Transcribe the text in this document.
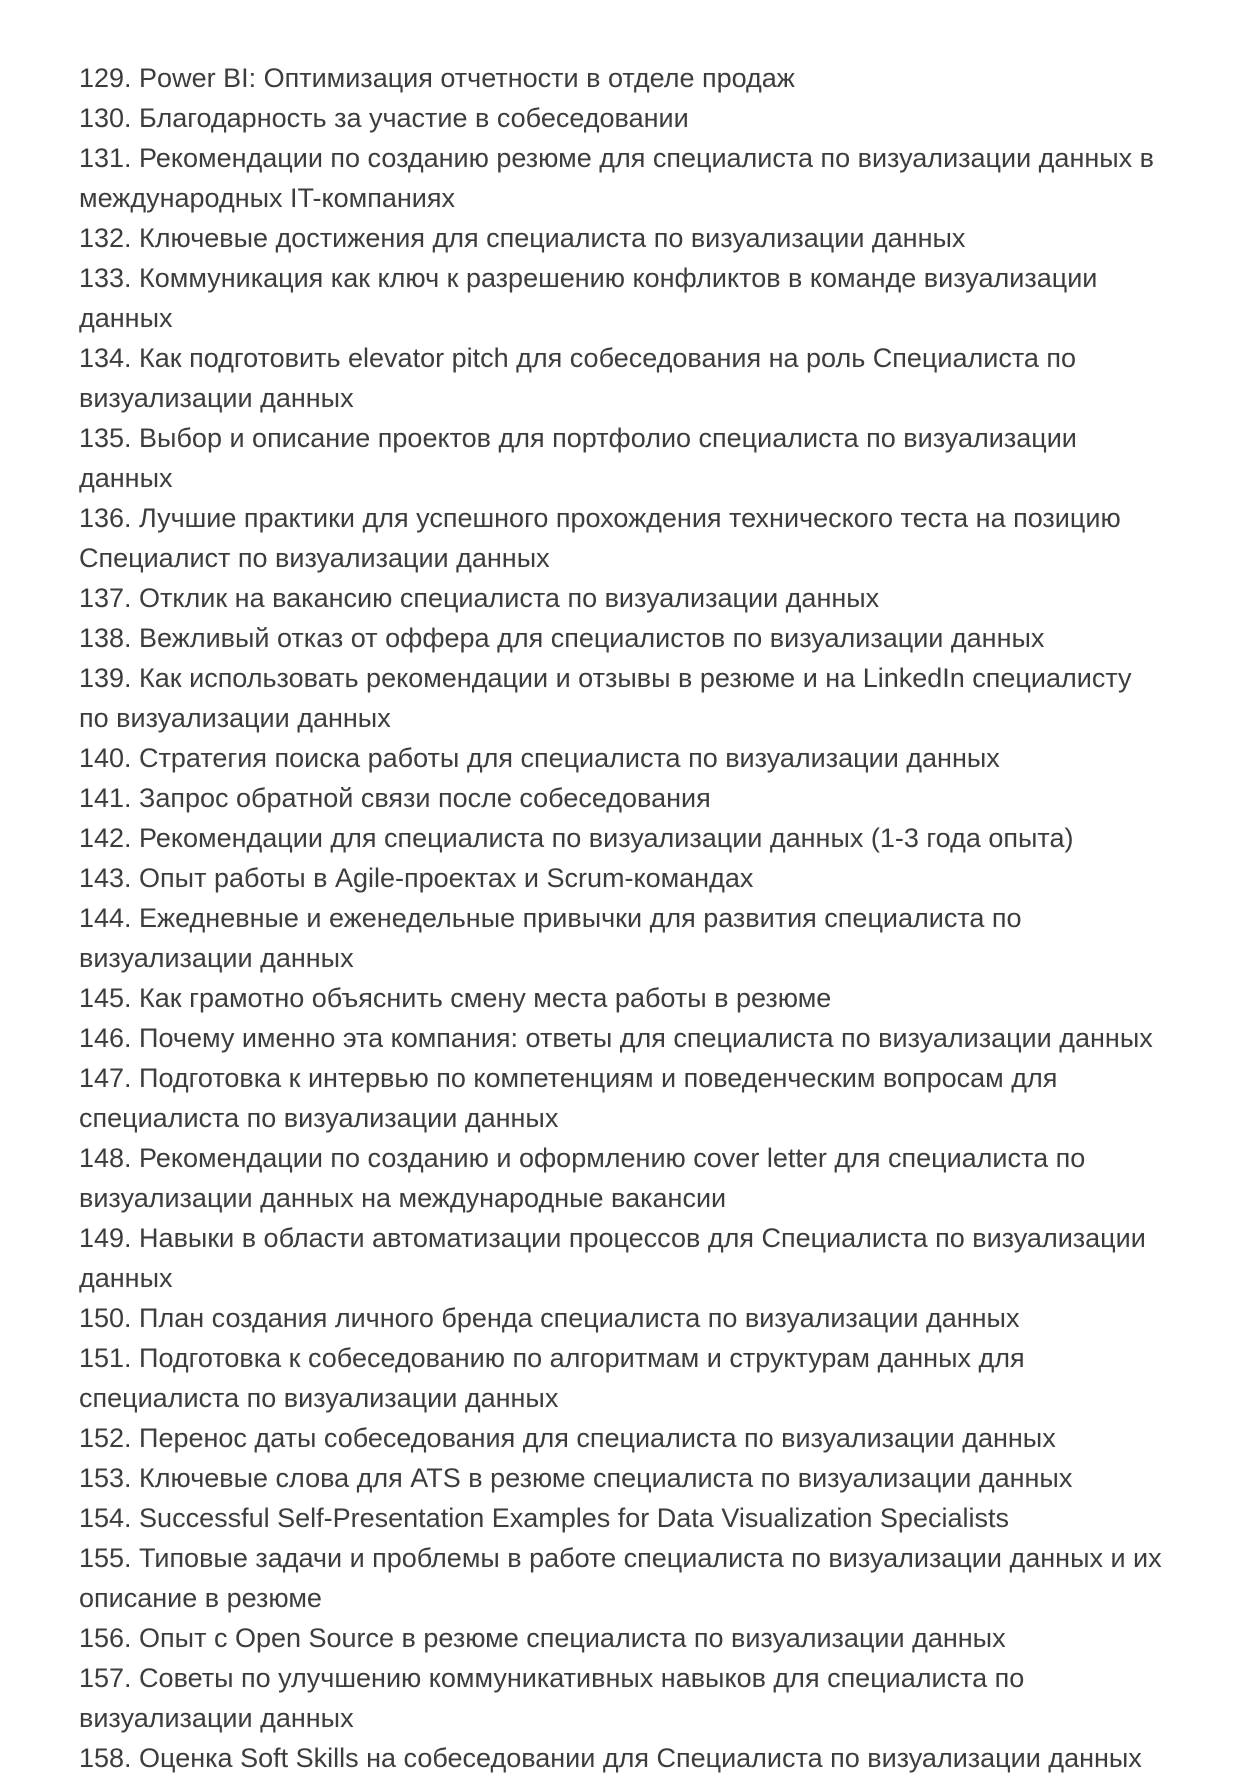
129. Power BI: Оптимизация отчетности в отделе продаж

130. Благодарность за участие в собеседовании

131. Рекомендации по созданию резюме для специалиста по визуализации данных в международных IT-компаниях

132. Ключевые достижения для специалиста по визуализации данных

133. Коммуникация как ключ к разрешению конфликтов в команде визуализации данных

134. Как подготовить elevator pitch для собеседования на роль Специалиста по визуализации данных

135. Выбор и описание проектов для портфолио специалиста по визуализации данных

136. Лучшие практики для успешного прохождения технического теста на позицию Специалист по визуализации данных

137. Отклик на вакансию специалиста по визуализации данных

138. Вежливый отказ от оффера для специалистов по визуализации данных

139. Как использовать рекомендации и отзывы в резюме и на LinkedIn специалисту по визуализации данных

140. Стратегия поиска работы для специалиста по визуализации данных

141. Запрос обратной связи после собеседования

142. Рекомендации для специалиста по визуализации данных (1-3 года опыта)

143. Опыт работы в Agile-проектах и Scrum-командах

144. Ежедневные и еженедельные привычки для развития специалиста по визуализации данных

145. Как грамотно объяснить смену места работы в резюме

146. Почему именно эта компания: ответы для специалиста по визуализации данных

147. Подготовка к интервью по компетенциям и поведенческим вопросам для специалиста по визуализации данных

148. Рекомендации по созданию и оформлению cover letter для специалиста по визуализации данных на международные вакансии

149. Навыки в области автоматизации процессов для Специалиста по визуализации данных

150. План создания личного бренда специалиста по визуализации данных

151. Подготовка к собеседованию по алгоритмам и структурам данных для специалиста по визуализации данных

152. Перенос даты собеседования для специалиста по визуализации данных

153. Ключевые слова для ATS в резюме специалиста по визуализации данных

154. Successful Self-Presentation Examples for Data Visualization Specialists

155. Типовые задачи и проблемы в работе специалиста по визуализации данных и их описание в резюме

156. Опыт с Open Source в резюме специалиста по визуализации данных

157. Советы по улучшению коммуникативных навыков для специалиста по визуализации данных

158. Оценка Soft Skills на собеседовании для Специалиста по визуализации данных
